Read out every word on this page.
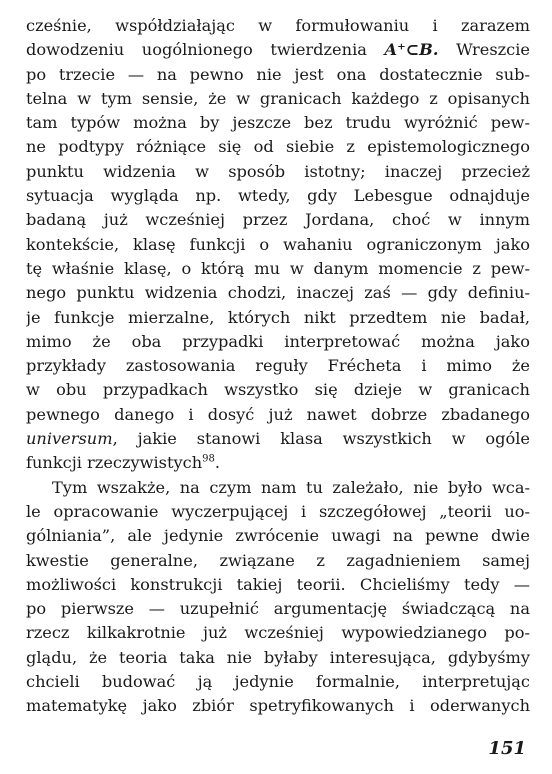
cześnie, współdziałając w formułowaniu i zarazem
dowodzeniu uogólnionego twierdzenia A⁺⊂B. Wreszcie
po trzecie — na pewno nie jest ona dostatecznie sub-
telna w tym sensie, że w granicach każdego z opisanych
tam typów można by jeszcze bez trudu wyróżnić pew-
ne podtypy różniące się od siebie z epistemologicznego
punktu widzenia w sposób istotny; inaczej przecież
sytuacja wygląda np. wtedy, gdy Lebesgue odnajduje
badaną już wcześniej przez Jordana, choć w innym
kontekście, klasę funkcji o wahaniu ograniczonym jako
tę właśnie klasę, o którą mu w danym momencie z pew-
nego punktu widzenia chodzi, inaczej zaś — gdy definiu-
je funkcje mierzalne, których nikt przedtem nie badał,
mimo że oba przypadki interpretować można jako
przykłady zastosowania reguły Frécheta i mimo że
w obu przypadkach wszystko się dzieje w granicach
pewnego danego i dosyć już nawet dobrze zbadanego
universum, jakie stanowi klasa wszystkich w ogóle
funkcji rzeczywistych$^{98}$.

Tym wszakże, na czym nam tu zależało, nie było wca-
le opracowanie wyczerpującej i szczegółowej „teorii uo-
gólniania”, ale jedynie zwrócenie uwagi na pewne dwie
kwestie generalne, związane z zagadnieniem samej
możliwości konstrukcji takiej teorii. Chcieliśmy tedy —
po pierwsze — uzupełnić argumentację świadczącą na
rzecz kilkakrotnie już wcześniej wypowiedzianego po-
glądu, że teoria taka nie byłaby interesująca, gdybyśmy
chcieli budować ją jedynie formalnie, interpretując
matematykę jako zbiór spetryfikowanych i oderwanych

151
